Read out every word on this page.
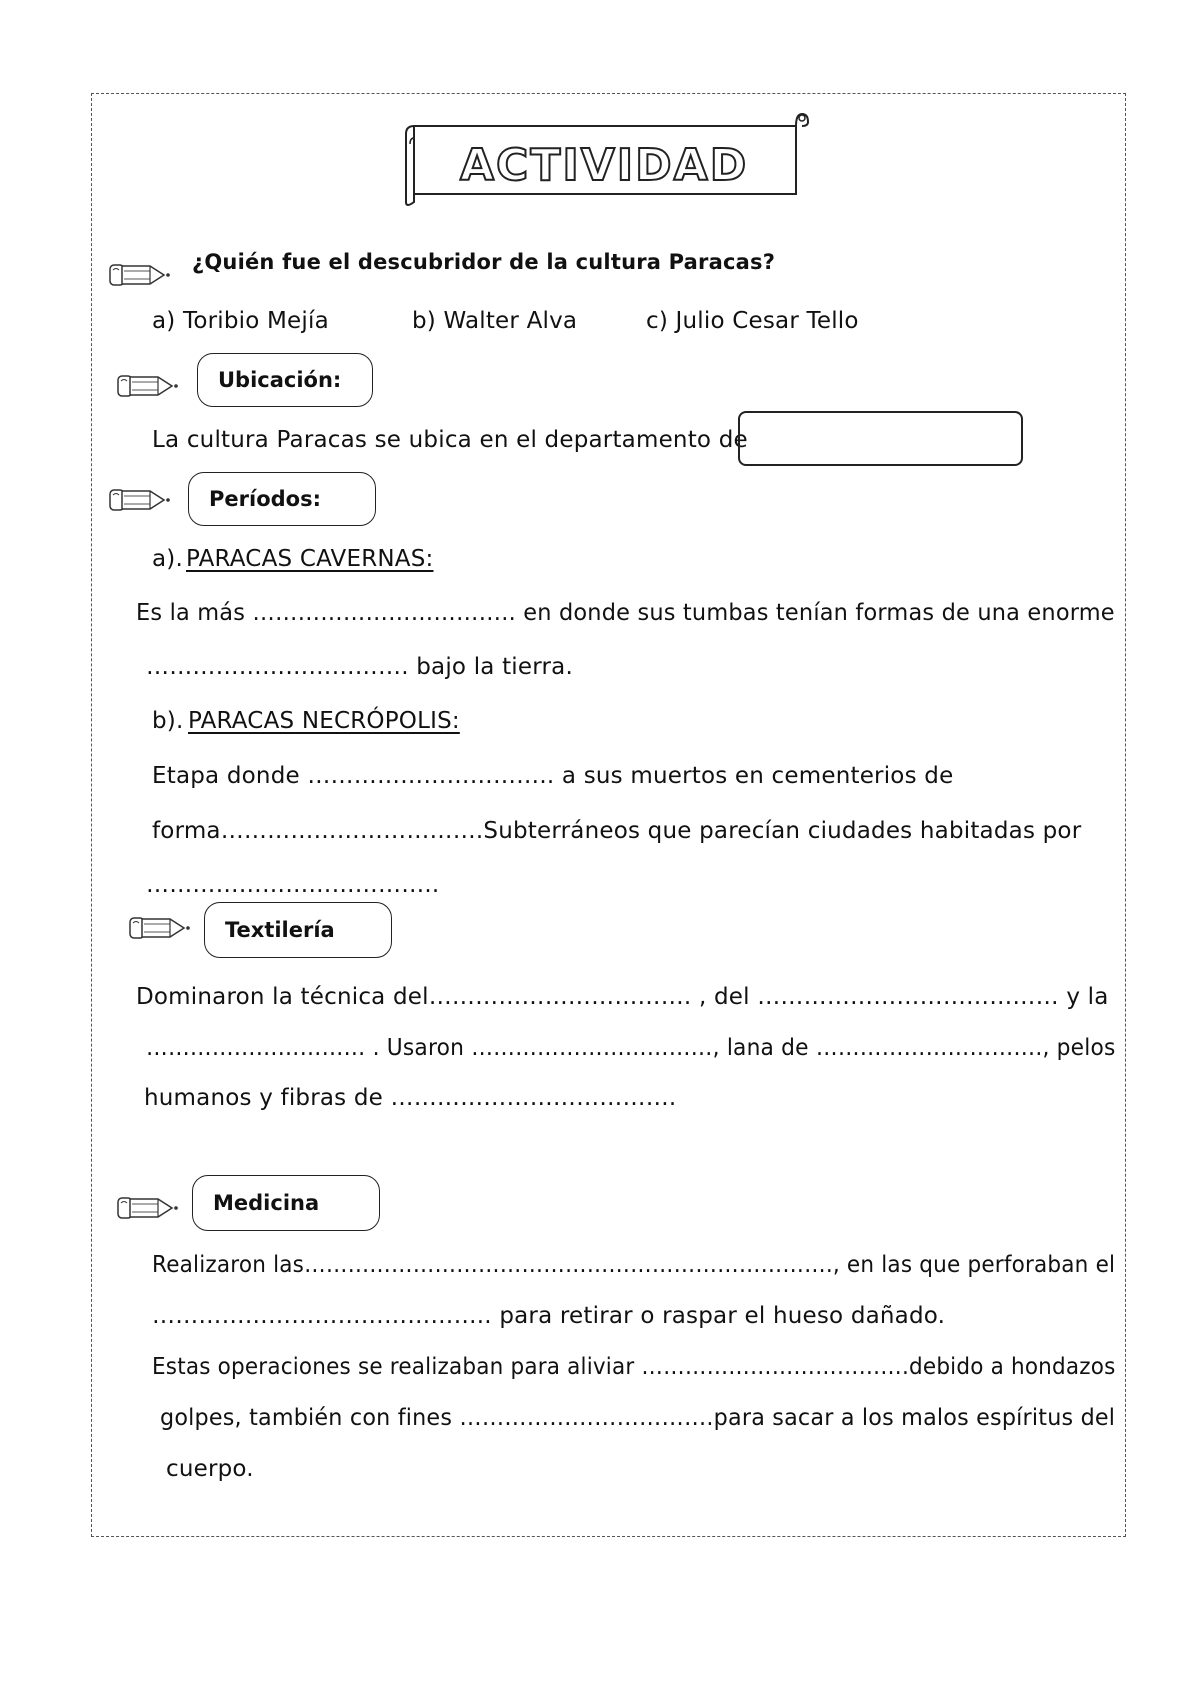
ACTIVIDAD
¿Quién fue el descubridor de la cultura Paracas?
a) Toribio Mejía	b) Walter Alva	c) Julio Cesar Tello
Ubicación:
La cultura Paracas se ubica en el departamento de
Períodos:
a). PARACAS CAVERNAS:
Es la más …………………………….. en donde sus tumbas tenían formas de una enorme
……………………………. bajo la tierra.
b). PARACAS NECRÓPOLIS:
Etapa donde ………………………….. a sus muertos en cementerios de
forma…………………………….Subterráneos que parecían ciudades habitadas por
………………………………..
Textilería
Dominaron la técnica del……………………………. , del ………………………………… y la
………………………… . Usaron ……………………………, lana de …………………………., pelos
humanos y fibras de ……………………………….
Medicina
Realizaron las………………………………………………………………., en las que perforaban el
…………………………………….. para retirar o raspar el hueso dañado.
Estas operaciones se realizaban para aliviar ……………………………….debido a hondazos
golpes, también con fines …………………………….para sacar a los malos espíritus del
cuerpo.
